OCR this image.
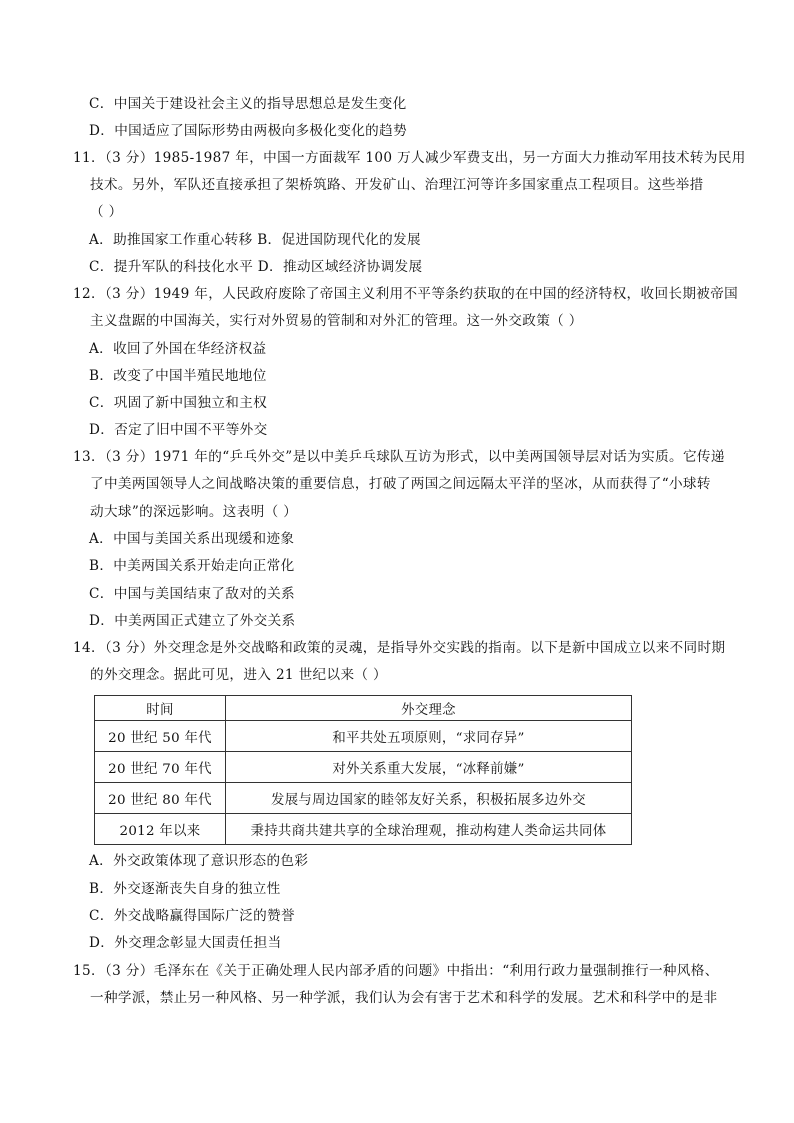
C．中国关于建设社会主义的指导思想总是发生变化
D．中国适应了国际形势由两极向多极化变化的趋势
11．（3 分）1985-1987 年，中国一方面裁军 100 万人减少军费支出，另一方面大力推动军用技术转为民用
技术。另外，军队还直接承担了架桥筑路、开发矿山、治理江河等许多国家重点工程项目。这些举措
（ ）
A．助推国家工作重心转移 B．促进国防现代化的发展
C．提升军队的科技化水平 D．推动区域经济协调发展
12．（3 分）1949 年，人民政府废除了帝国主义利用不平等条约获取的在中国的经济特权，收回长期被帝国
主义盘踞的中国海关，实行对外贸易的管制和对外汇的管理。这一外交政策（ ）
A．收回了外国在华经济权益
B．改变了中国半殖民地地位
C．巩固了新中国独立和主权
D．否定了旧中国不平等外交
13．（3 分）1971 年的“乒乓外交”是以中美乒乓球队互访为形式，以中美两国领导层对话为实质。它传递
了中美两国领导人之间战略决策的重要信息，打破了两国之间远隔太平洋的坚冰，从而获得了“小球转
动大球”的深远影响。这表明（ ）
A．中国与美国关系出现缓和迹象
B．中美两国关系开始走向正常化
C．中国与美国结束了敌对的关系
D．中美两国正式建立了外交关系
14．（3 分）外交理念是外交战略和政策的灵魂，是指导外交实践的指南。以下是新中国成立以来不同时期
的外交理念。据此可见，进入 21 世纪以来（ ）
时间	外交理念
20 世纪 50 年代	和平共处五项原则，“求同存异”
20 世纪 70 年代	对外关系重大发展，“冰释前嫌”
20 世纪 80 年代	发展与周边国家的睦邻友好关系，积极拓展多边外交
2012 年以来	秉持共商共建共享的全球治理观，推动构建人类命运共同体
A．外交政策体现了意识形态的色彩
B．外交逐渐丧失自身的独立性
C．外交战略赢得国际广泛的赞誉
D．外交理念彰显大国责任担当
15．（3 分）毛泽东在《关于正确处理人民内部矛盾的问题》中指出：“利用行政力量强制推行一种风格、
一种学派，禁止另一种风格、另一种学派，我们认为会有害于艺术和科学的发展。艺术和科学中的是非
